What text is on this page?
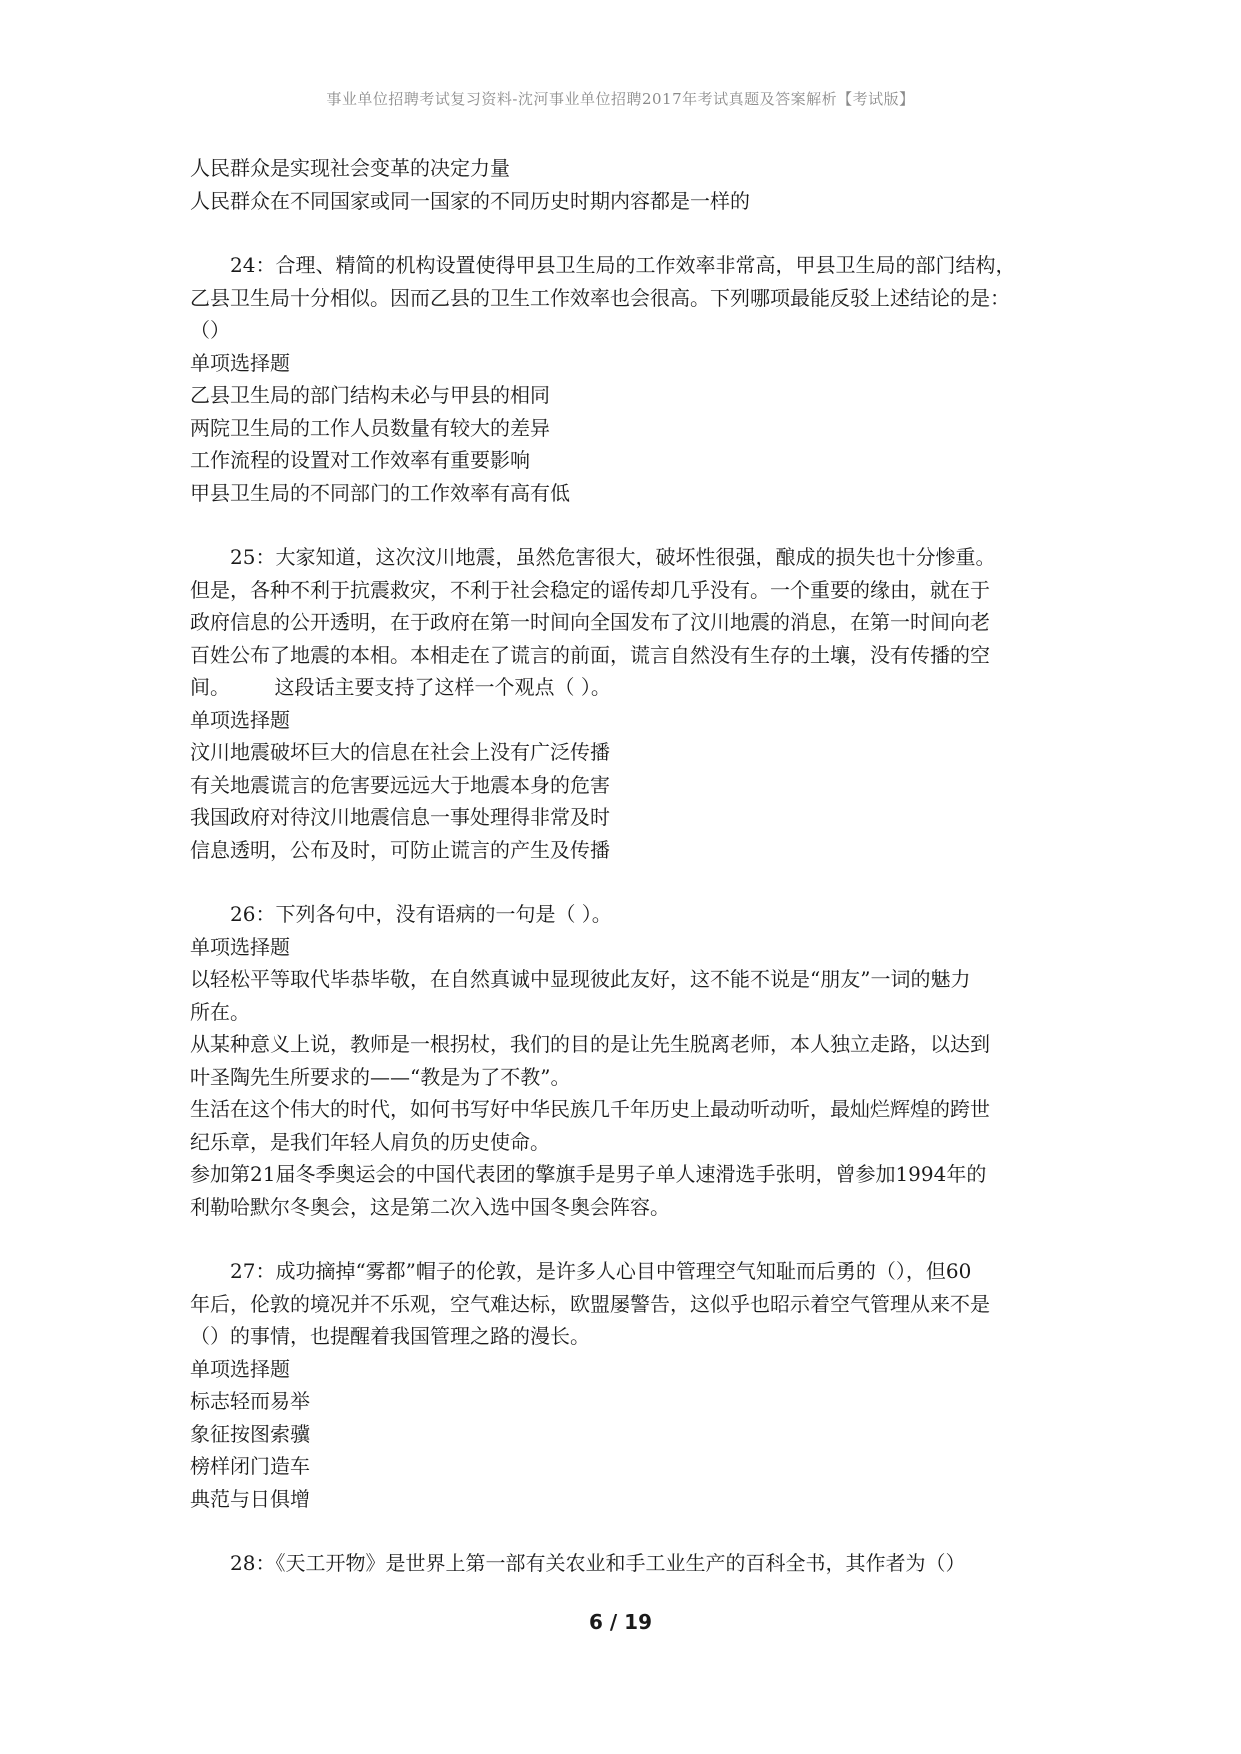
事业单位招聘考试复习资料-沈河事业单位招聘2017年考试真题及答案解析【考试版】
人民群众是实现社会变革的决定力量
人民群众在不同国家或同一国家的不同历史时期内容都是一样的
24：合理、精简的机构设置使得甲县卫生局的工作效率非常高，甲县卫生局的部门结构，
乙县卫生局十分相似。因而乙县的卫生工作效率也会很高。下列哪项最能反驳上述结论的是：
（）
单项选择题
乙县卫生局的部门结构未必与甲县的相同
两院卫生局的工作人员数量有较大的差异
工作流程的设置对工作效率有重要影响
甲县卫生局的不同部门的工作效率有高有低
25：大家知道，这次汶川地震，虽然危害很大，破坏性很强，酿成的损失也十分惨重。
但是，各种不利于抗震救灾，不利于社会稳定的谣传却几乎没有。一个重要的缘由，就在于
政府信息的公开透明，在于政府在第一时间向全国发布了汶川地震的消息，在第一时间向老
百姓公布了地震的本相。本相走在了谎言的前面，谎言自然没有生存的土壤，没有传播的空
间。       这段话主要支持了这样一个观点（ ）。
单项选择题
汶川地震破坏巨大的信息在社会上没有广泛传播
有关地震谎言的危害要远远大于地震本身的危害
我国政府对待汶川地震信息一事处理得非常及时
信息透明，公布及时，可防止谎言的产生及传播
26：下列各句中，没有语病的一句是（ ）。
单项选择题
以轻松平等取代毕恭毕敬，在自然真诚中显现彼此友好，这不能不说是“朋友”一词的魅力
所在。
从某种意义上说，教师是一根拐杖，我们的目的是让先生脱离老师，本人独立走路，以达到
叶圣陶先生所要求的——“教是为了不教”。
生活在这个伟大的时代，如何书写好中华民族几千年历史上最动听动听，最灿烂辉煌的跨世
纪乐章，是我们年轻人肩负的历史使命。
参加第21届冬季奥运会的中国代表团的擎旗手是男子单人速滑选手张明，曾参加1994年的
利勒哈默尔冬奥会，这是第二次入选中国冬奥会阵容。
27：成功摘掉“雾都”帽子的伦敦，是许多人心目中管理空气知耻而后勇的（），但60
年后，伦敦的境况并不乐观，空气难达标，欧盟屡警告，这似乎也昭示着空气管理从来不是
（）的事情，也提醒着我国管理之路的漫长。
单项选择题
标志轻而易举
象征按图索骥
榜样闭门造车
典范与日俱增
28：《天工开物》是世界上第一部有关农业和手工业生产的百科全书，其作者为（）
6 / 19
